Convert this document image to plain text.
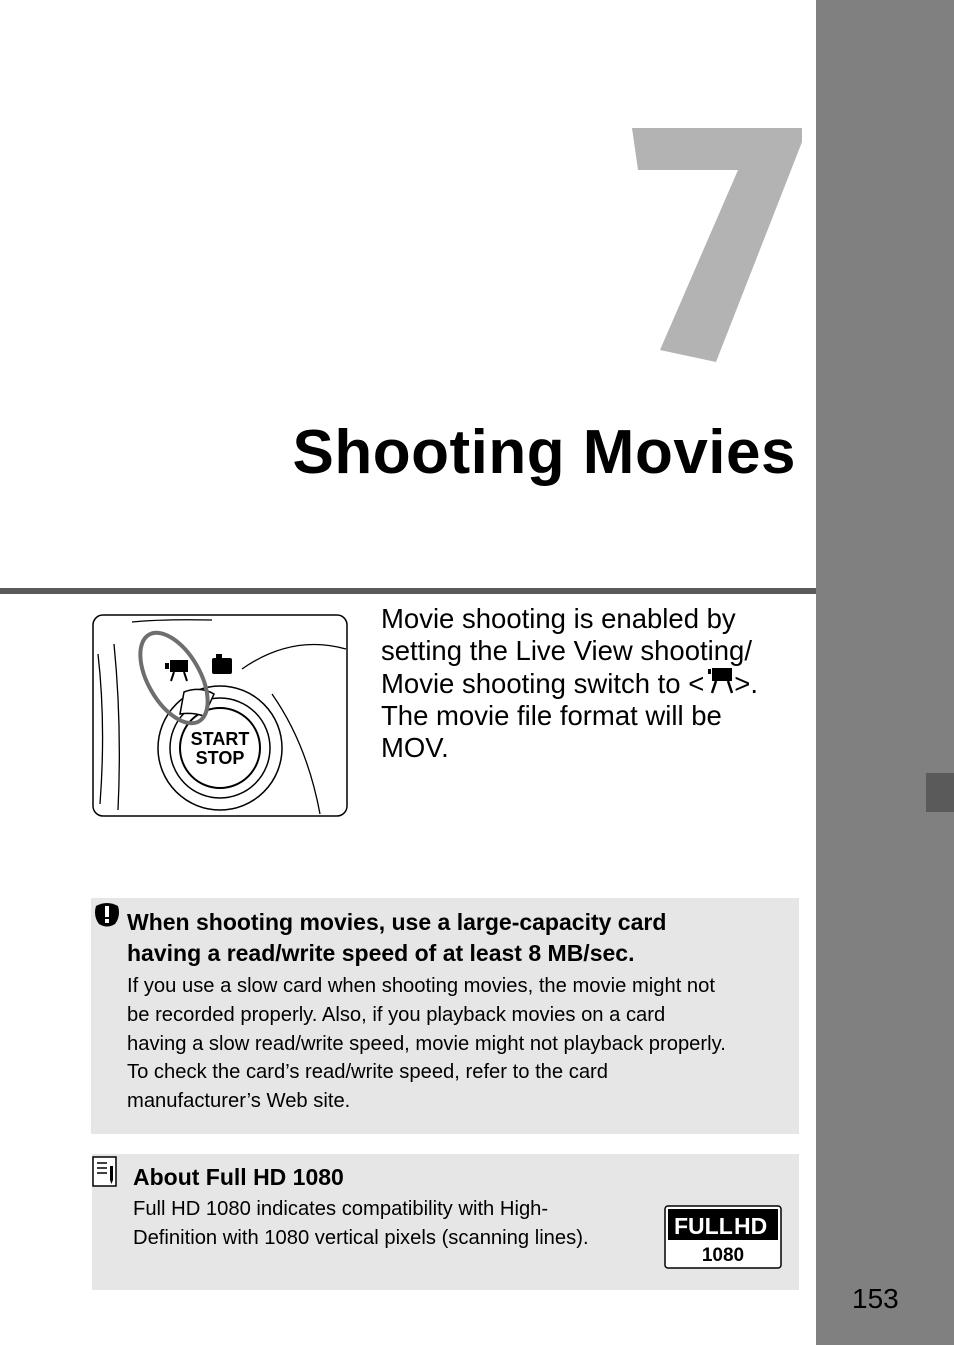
153
Shooting Movies
START
STOP

Movie shooting is enabled by
setting the Live View shooting/
Movie shooting switch to < >.
The movie file format will be
MOV.

When shooting movies, use a large-capacity card
having a read/write speed of at least 8 MB/sec.

If you use a slow card when shooting movies, the movie might not
be recorded properly. Also, if you playback movies on a card
having a slow read/write speed, movie might not playback properly.
To check the card’s read/write speed, refer to the card
manufacturer’s Web site.

About Full HD 1080

Full HD 1080 indicates compatibility with High-
Definition with 1080 vertical pixels (scanning lines).	FULL HD
1080
